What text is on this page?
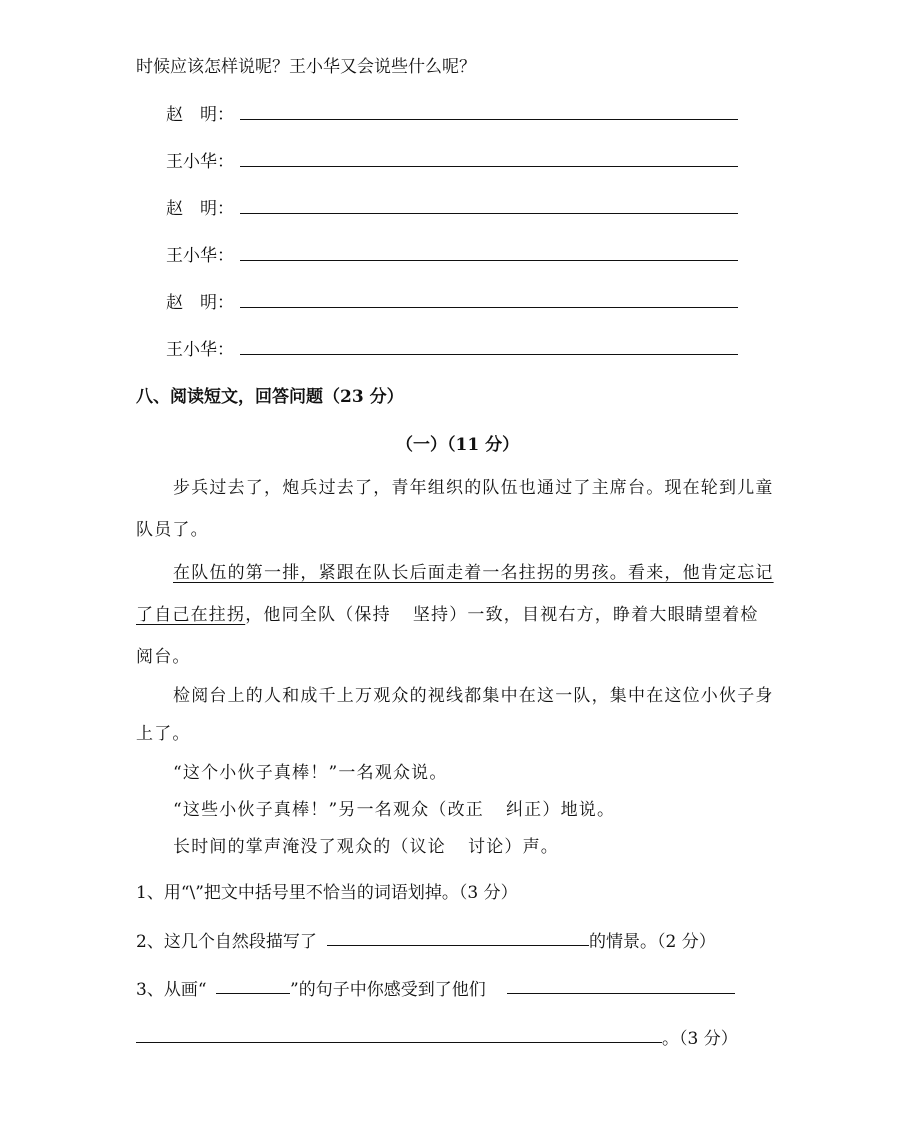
时候应该怎样说呢？王小华又会说些什么呢？
赵　明：
王小华：
赵　明：
王小华：
赵　明：
王小华：
八、阅读短文，回答问题（23 分）
（一）（11 分）
步兵过去了，炮兵过去了，青年组织的队伍也通过了主席台。现在轮到儿童
队员了。
在队伍的第一排，紧跟在队长后面走着一名拄拐的男孩。看来，他肯定忘记
了自己在拄拐，他同全队（保持 坚持）一致，目视右方，睁着大眼睛望着检
阅台。
检阅台上的人和成千上万观众的视线都集中在这一队，集中在这位小伙子身
上了。
“这个小伙子真棒！”一名观众说。
“这些小伙子真棒！”另一名观众（改正 纠正）地说。
长时间的掌声淹没了观众的（议论 讨论）声。
1、用“\”把文中括号里不恰当的词语划掉。（3 分）
2、这几个自然段描写了	的情景。（2 分）
3、从画“	”的句子中你感受到了他们
。（3 分）
